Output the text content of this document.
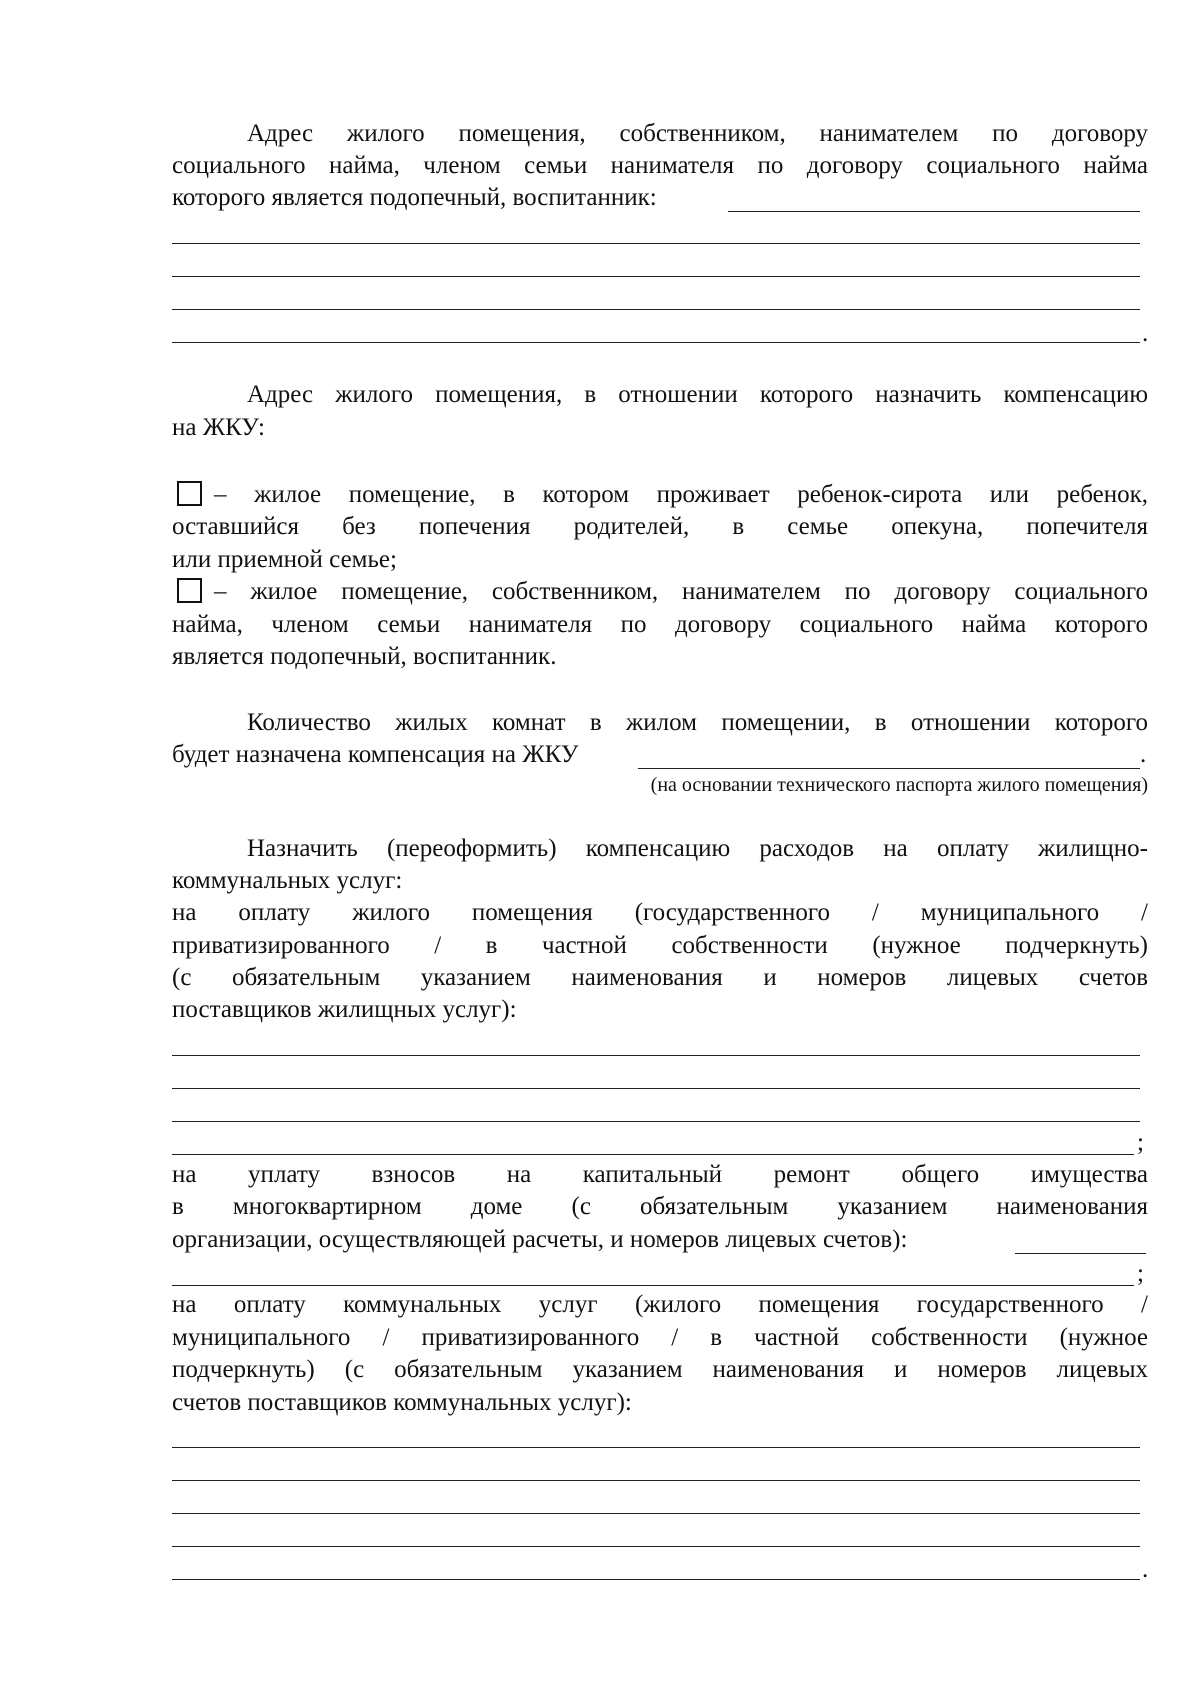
Адрес жилого помещения, собственником, нанимателем по договору
социального найма, членом семьи нанимателя по договору социального найма
которого является подопечный, воспитанник:
.
Адрес жилого помещения, в отношении которого назначить компенсацию
на ЖКУ:
– жилое помещение, в котором проживает ребенок-сирота или ребенок,
оставшийся без попечения родителей, в семье опекуна, попечителя
или приемной семье;
– жилое помещение, собственником, нанимателем по договору социального
найма, членом семьи нанимателя по договору социального найма которого
является подопечный, воспитанник.
Количество жилых комнат в жилом помещении, в отношении которого
будет назначена компенсация на ЖКУ	.
(на основании технического паспорта жилого помещения)
Назначить (переоформить) компенсацию расходов на оплату жилищно-
коммунальных услуг:
на оплату жилого помещения (государственного / муниципального /
приватизированного / в частной собственности (нужное подчеркнуть)
(с обязательным указанием наименования и номеров лицевых счетов
поставщиков жилищных услуг):
;
на уплату взносов на капитальный ремонт общего имущества
в многоквартирном доме (с обязательным указанием наименования
организации, осуществляющей расчеты, и номеров лицевых счетов):
;
на оплату коммунальных услуг (жилого помещения государственного /
муниципального / приватизированного / в частной собственности (нужное
подчеркнуть) (с обязательным указанием наименования и номеров лицевых
счетов поставщиков коммунальных услуг):
.
